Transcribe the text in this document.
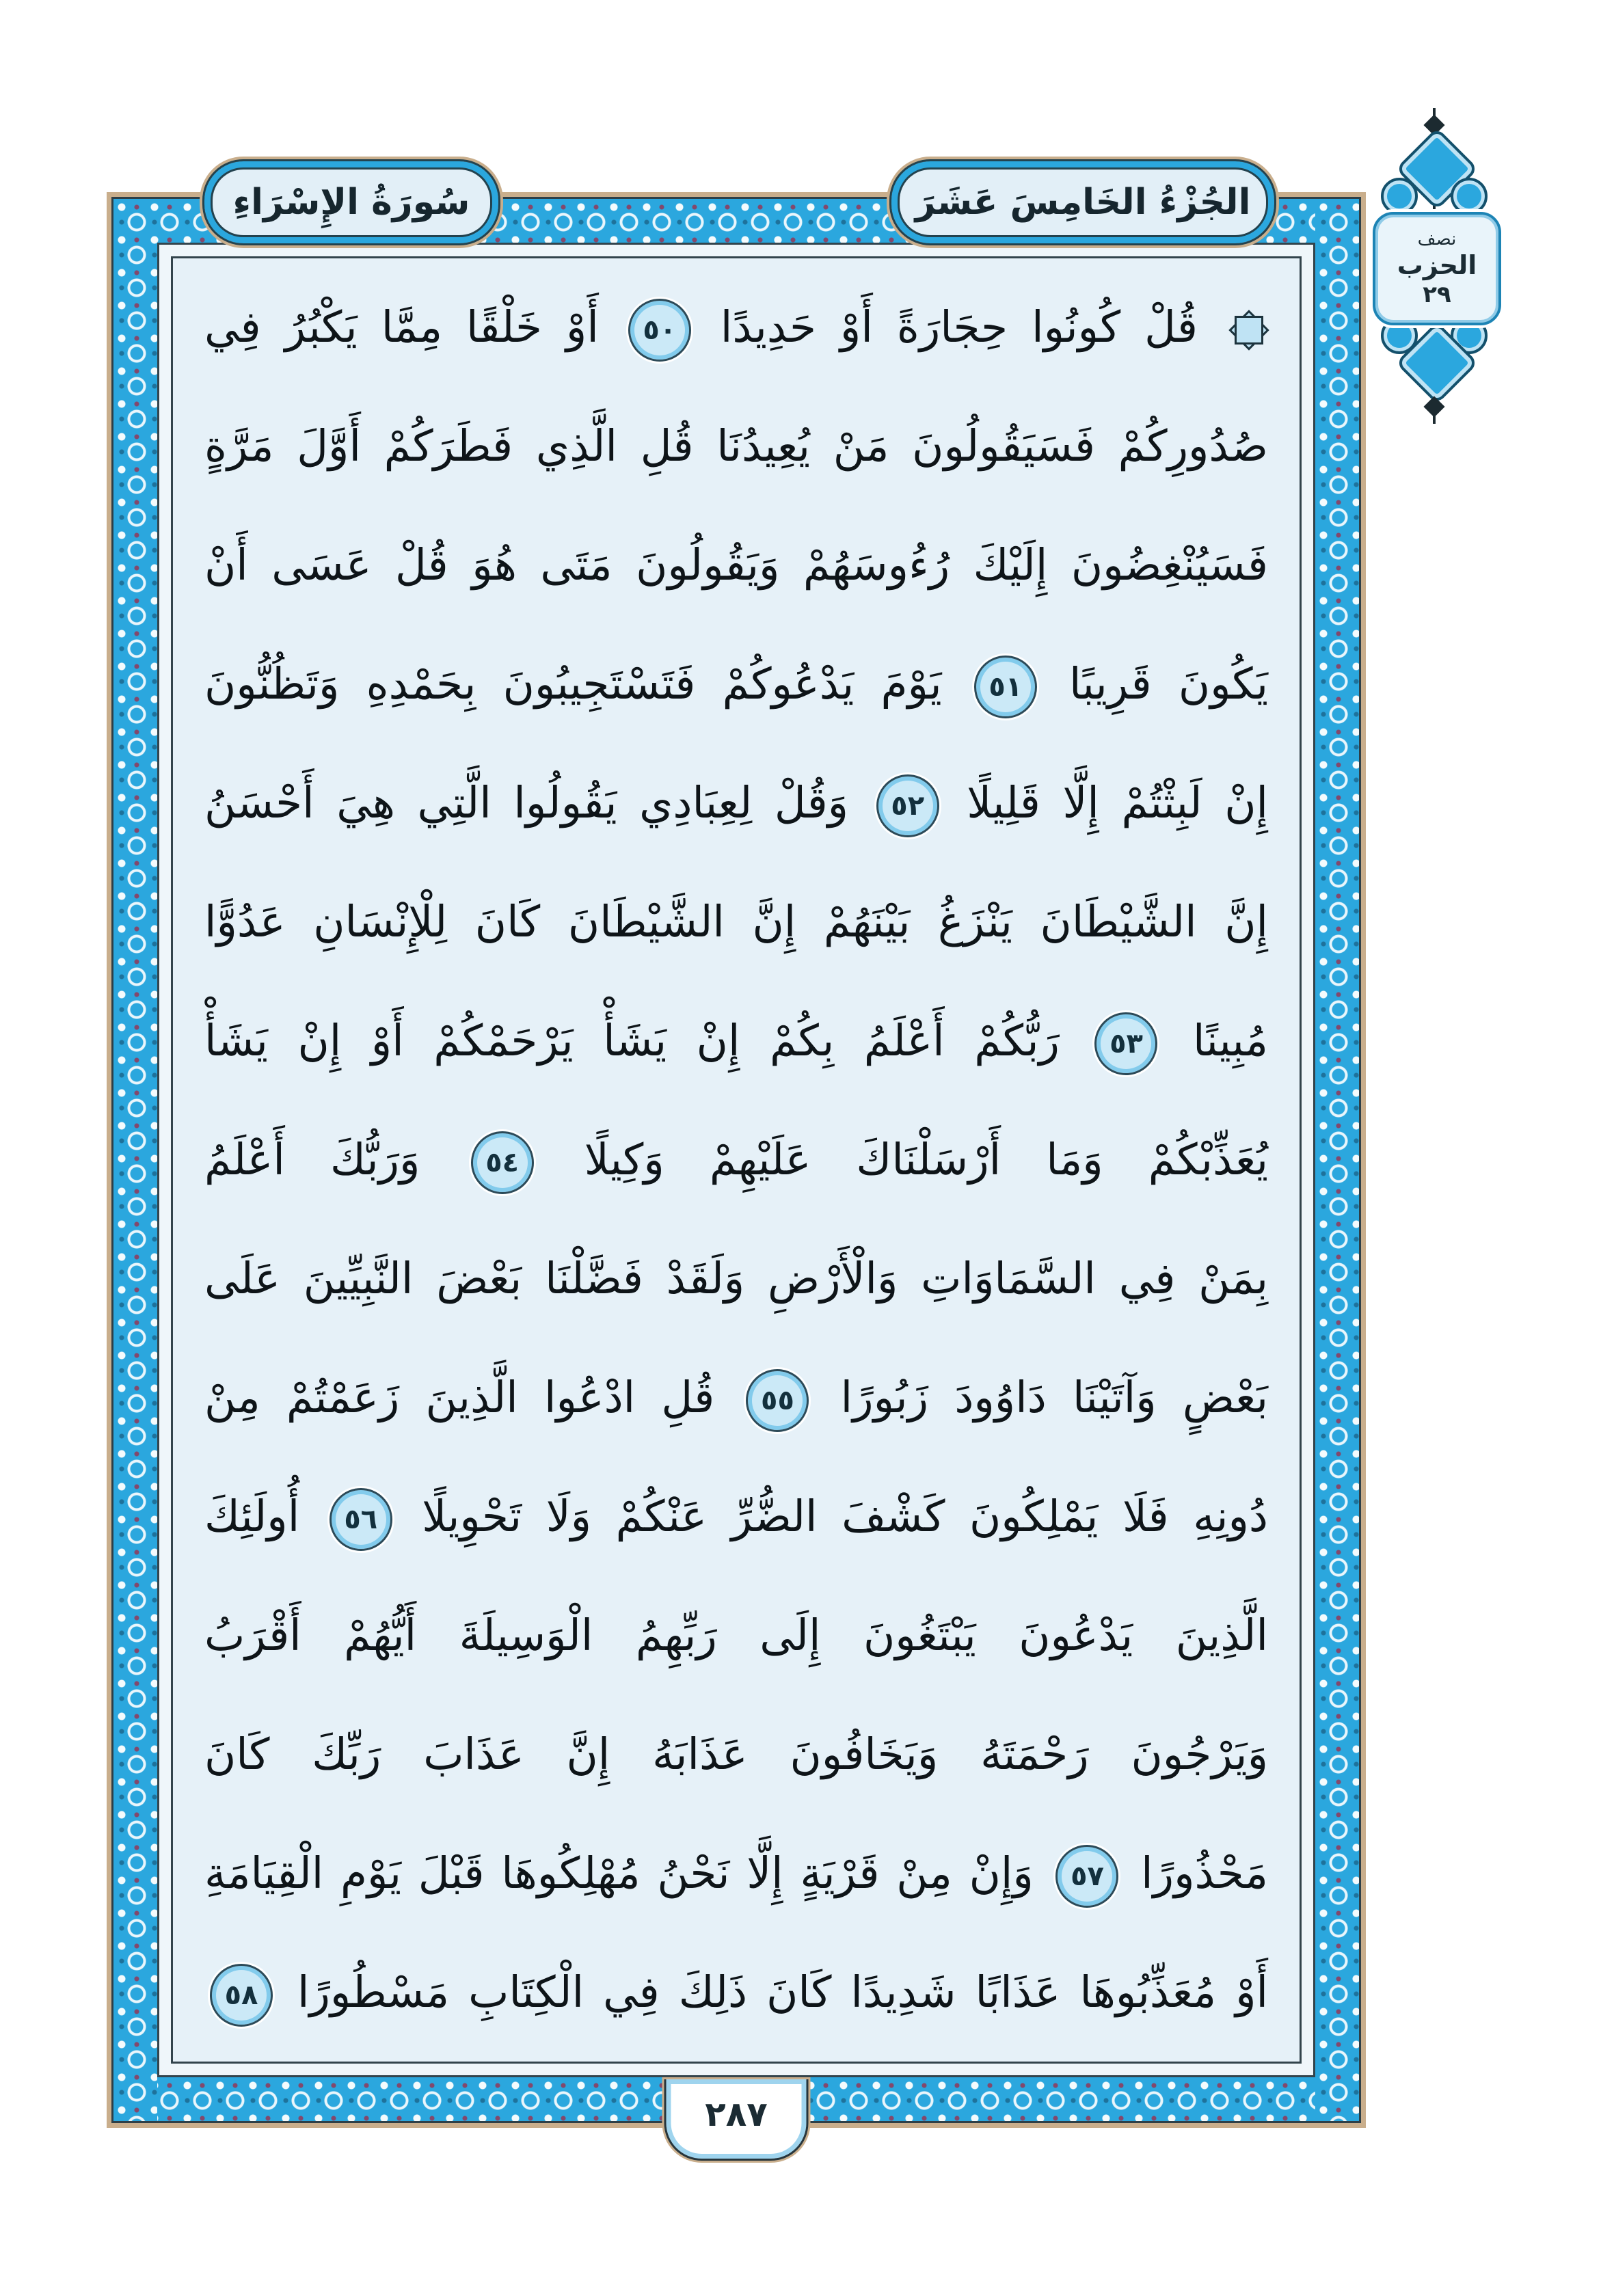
نصف
الحزب
٢٩
سُورَةُ الإِسْرَاءِ	الجُزْءُ الخَامِسَ عَشَرَ
قُلْ كُونُوا حِجَارَةً أَوْ حَدِيدًا ٥٠ أَوْ خَلْقًا مِمَّا يَكْبُرُ فِي
صُدُورِكُمْ فَسَيَقُولُونَ مَنْ يُعِيدُنَا قُلِ الَّذِي فَطَرَكُمْ أَوَّلَ مَرَّةٍ
فَسَيُنْغِضُونَ إِلَيْكَ رُءُوسَهُمْ وَيَقُولُونَ مَتَى هُوَ قُلْ عَسَى أَنْ
يَكُونَ قَرِيبًا ٥١ يَوْمَ يَدْعُوكُمْ فَتَسْتَجِيبُونَ بِحَمْدِهِ وَتَظُنُّونَ
إِنْ لَبِثْتُمْ إِلَّا قَلِيلًا ٥٢ وَقُلْ لِعِبَادِي يَقُولُوا الَّتِي هِيَ أَحْسَنُ
إِنَّ الشَّيْطَانَ يَنْزَغُ بَيْنَهُمْ إِنَّ الشَّيْطَانَ كَانَ لِلْإِنْسَانِ عَدُوًّا
مُبِينًا ٥٣ رَبُّكُمْ أَعْلَمُ بِكُمْ إِنْ يَشَأْ يَرْحَمْكُمْ أَوْ إِنْ يَشَأْ
يُعَذِّبْكُمْ وَمَا أَرْسَلْنَاكَ عَلَيْهِمْ وَكِيلًا ٥٤ وَرَبُّكَ أَعْلَمُ
بِمَنْ فِي السَّمَاوَاتِ وَالْأَرْضِ وَلَقَدْ فَضَّلْنَا بَعْضَ النَّبِيِّينَ عَلَى
بَعْضٍ وَآتَيْنَا دَاوُودَ زَبُورًا ٥٥ قُلِ ادْعُوا الَّذِينَ زَعَمْتُمْ مِنْ
دُونِهِ فَلَا يَمْلِكُونَ كَشْفَ الضُّرِّ عَنْكُمْ وَلَا تَحْوِيلًا ٥٦ أُولَئِكَ
الَّذِينَ يَدْعُونَ يَبْتَغُونَ إِلَى رَبِّهِمُ الْوَسِيلَةَ أَيُّهُمْ أَقْرَبُ
وَيَرْجُونَ رَحْمَتَهُ وَيَخَافُونَ عَذَابَهُ إِنَّ عَذَابَ رَبِّكَ كَانَ
مَحْذُورًا ٥٧ وَإِنْ مِنْ قَرْيَةٍ إِلَّا نَحْنُ مُهْلِكُوهَا قَبْلَ يَوْمِ الْقِيَامَةِ
أَوْ مُعَذِّبُوهَا عَذَابًا شَدِيدًا كَانَ ذَلِكَ فِي الْكِتَابِ مَسْطُورًا ٥٨
٢٨٧
